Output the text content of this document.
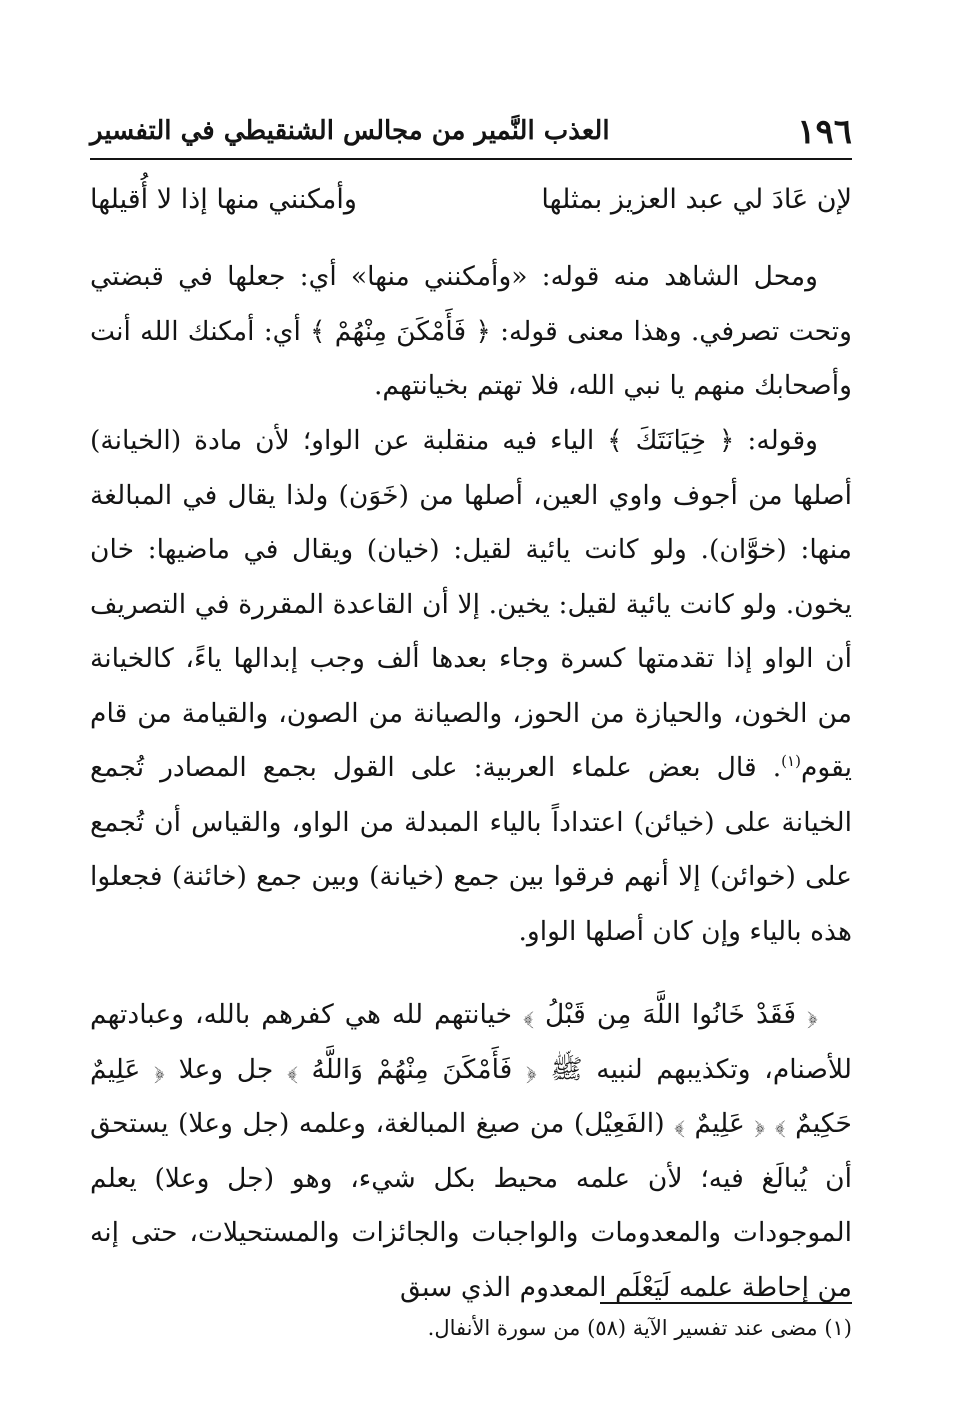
١٩٦
العذب النَّمير من مجالس الشنقيطي في التفسير
لإن عَادَ لي عبد العزيز بمثلها
وأمكنني منها إذا لا أُقيلها

ومحل الشاهد منه قوله: «وأمكنني منها» أي: جعلها في قبضتي وتحت تصرفي. وهذا معنى قوله: ﴿ فَأَمْكَنَ مِنْهُمْ ﴾ أي: أمكنك الله أنت وأصحابك منهم يا نبي الله، فلا تهتم بخيانتهم.

وقوله: ﴿ خِيَانَتَكَ ﴾ الياء فيه منقلبة عن الواو؛ لأن مادة (الخيانة) أصلها من أجوف واوي العين، أصلها من (خَوَن) ولذا يقال في المبالغة منها: (خوَّان). ولو كانت يائية لقيل: (خيان) ويقال في ماضيها: خان يخون. ولو كانت يائية لقيل: يخين. إلا أن القاعدة المقررة في التصريف أن الواو إذا تقدمتها كسرة وجاء بعدها ألف وجب إبدالها ياءً، كالخيانة من الخون، والحيازة من الحوز، والصيانة من الصون، والقيامة من قام يقوم$^{(١)}$. قال بعض علماء العربية: على القول بجمع المصادر تُجمع الخيانة على (خيائن) اعتداداً بالياء المبدلة من الواو، والقياس أن تُجمع على (خوائن) إلا أنهم فرقوا بين جمع (خيانة) وبين جمع (خائنة) فجعلوا هذه بالياء وإن كان أصلها الواو.

﴿ فَقَدْ خَانُوا اللَّهَ مِن قَبْلُ ﴾ خيانتهم لله هي كفرهم بالله، وعبادتهم للأصنام، وتكذيبهم لنبيه ﷺ ﴿ فَأَمْكَنَ مِنْهُمْ وَاللَّهُ ﴾ جل وعلا ﴿ عَلِيمٌ حَكِيمٌ ﴾ ﴿ عَلِيمٌ ﴾ (الفَعِيْل) من صيغ المبالغة، وعلمه (جل وعلا) يستحق أن يُبالَغ فيه؛ لأن علمه محيط بكل شيء، وهو (جل وعلا) يعلم الموجودات والمعدومات والواجبات والجائزات والمستحيلات، حتى إنه من إحاطة علمه لَيَعْلَم المعدوم الذي سبق

(١) مضى عند تفسير الآية (٥٨) من سورة الأنفال.
